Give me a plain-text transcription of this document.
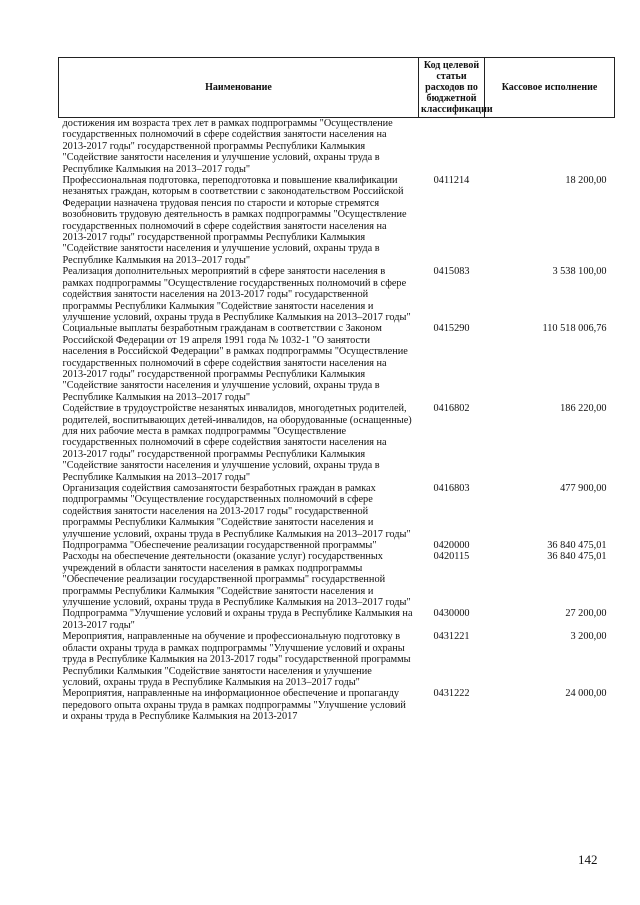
Наименование	Код целевой статьи расходов по бюджетной классификации	Кассовое исполнение
достижения им возраста трех лет в рамках подпрограммы "Осуществление государственных полномочий в сфере содействия занятости населения на 2013-2017 годы" государственной программы Республики Калмыкия "Содействие занятости населения и улучшение условий, охраны труда в Республике Калмыкия на 2013–2017 годы"		
Профессиональная подготовка, переподготовка и повышение квалификации незанятых граждан, которым в соответствии с законодательством Российской Федерации назначена трудовая пенсия по старости и которые стремятся возобновить трудовую деятельность в рамках подпрограммы "Осуществление государственных полномочий в сфере содействия занятости населения на 2013-2017 годы" государственной программы Республики Калмыкия "Содействие занятости населения и улучшение условий, охраны труда в Республике Калмыкия на 2013–2017 годы"	0411214	18 200,00
Реализация дополнительных мероприятий в сфере занятости населения в рамках подпрограммы "Осуществление государственных полномочий в сфере содействия занятости населения на 2013-2017 годы" государственной программы Республики Калмыкия "Содействие занятости населения и улучшение условий, охраны труда в Республике Калмыкия на 2013–2017 годы"	0415083	3 538 100,00
Социальные выплаты безработным гражданам в соответствии с Законом Российской Федерации от 19 апреля 1991 года № 1032-1 "О занятости населения в Российской Федерации" в рамках подпрограммы "Осуществление государственных полномочий в сфере содействия занятости населения на 2013-2017 годы" государственной программы Республики Калмыкия "Содействие занятости населения и улучшение условий, охраны труда в Республике Калмыкия на 2013–2017 годы"	0415290	110 518 006,76
Содействие в трудоустройстве незанятых инвалидов, многодетных родителей, родителей, воспитывающих детей-инвалидов, на оборудованные (оснащенные) для них рабочие места в рамках подпрограммы "Осуществление государственных полномочий в сфере содействия занятости населения на 2013-2017 годы" государственной программы Республики Калмыкия "Содействие занятости населения и улучшение условий, охраны труда в Республике Калмыкия на 2013–2017 годы"	0416802	186 220,00
Организация содействия самозанятости безработных граждан в рамках подпрограммы "Осуществление государственных полномочий в сфере содействия занятости населения на 2013-2017 годы" государственной программы Республики Калмыкия "Содействие занятости населения и улучшение условий, охраны труда в Республике Калмыкия на 2013–2017 годы"	0416803	477 900,00
Подпрограмма "Обеспечение реализации государственной программы"	0420000	36 840 475,01
Расходы на обеспечение деятельности (оказание услуг) государственных учреждений в области занятости населения в рамках подпрограммы "Обеспечение реализации государственной программы" государственной программы Республики Калмыкия "Содействие занятости населения и улучшение условий, охраны труда в Республике Калмыкия на 2013–2017 годы"	0420115	36 840 475,01
Подпрограмма "Улучшение условий и охраны труда в Республике Калмыкия на 2013-2017 годы"	0430000	27 200,00
Мероприятия, направленные на обучение и профессиональную подготовку в области охраны труда в рамках подпрограммы "Улучшение условий и охраны труда в Республике Калмыкия на 2013-2017 годы" государственной программы Республики Калмыкия "Содействие занятости населения и улучшение условий, охраны труда в Республике Калмыкия на 2013–2017 годы"	0431221	3 200,00
Мероприятия, направленные на информационное обеспечение и пропаганду передового опыта охраны труда в рамках подпрограммы "Улучшение условий и охраны труда в Республике Калмыкия на 2013-2017	0431222	24 000,00
142
